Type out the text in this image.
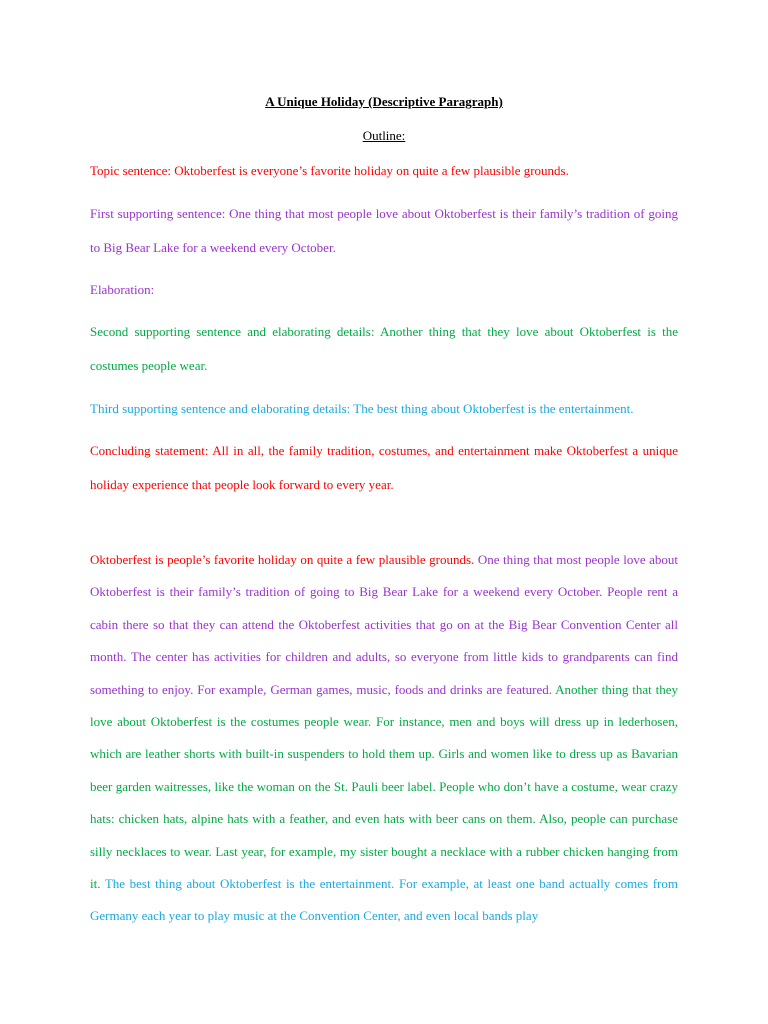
A Unique Holiday (Descriptive Paragraph)
Outline:

Topic sentence: Oktoberfest is everyone’s favorite holiday on quite a few plausible grounds.

First supporting sentence: One thing that most people love about Oktoberfest is their family’s tradition of going to Big Bear Lake for a weekend every October.

Elaboration:

Second supporting sentence and elaborating details: Another thing that they love about Oktoberfest is the costumes people wear.

Third supporting sentence and elaborating details: The best thing about Oktoberfest is the entertainment.

Concluding statement: All in all, the family tradition, costumes, and entertainment make Oktoberfest a unique holiday experience that people look forward to every year.

Oktoberfest is people’s favorite holiday on quite a few plausible grounds. One thing that most people love about Oktoberfest is their family’s tradition of going to Big Bear Lake for a weekend every October. People rent a cabin there so that they can attend the Oktoberfest activities that go on at the Big Bear Convention Center all month. The center has activities for children and adults, so everyone from little kids to grandparents can find something to enjoy. For example, German games, music, foods and drinks are featured. Another thing that they love about Oktoberfest is the costumes people wear. For instance, men and boys will dress up in lederhosen, which are leather shorts with built-in suspenders to hold them up. Girls and women like to dress up as Bavarian beer garden waitresses, like the woman on the St. Pauli beer label. People who don’t have a costume, wear crazy hats: chicken hats, alpine hats with a feather, and even hats with beer cans on them. Also, people can purchase silly necklaces to wear. Last year, for example, my sister bought a necklace with a rubber chicken hanging from it. The best thing about Oktoberfest is the entertainment. For example, at least one band actually comes from Germany each year to play music at the Convention Center, and even local bands play
